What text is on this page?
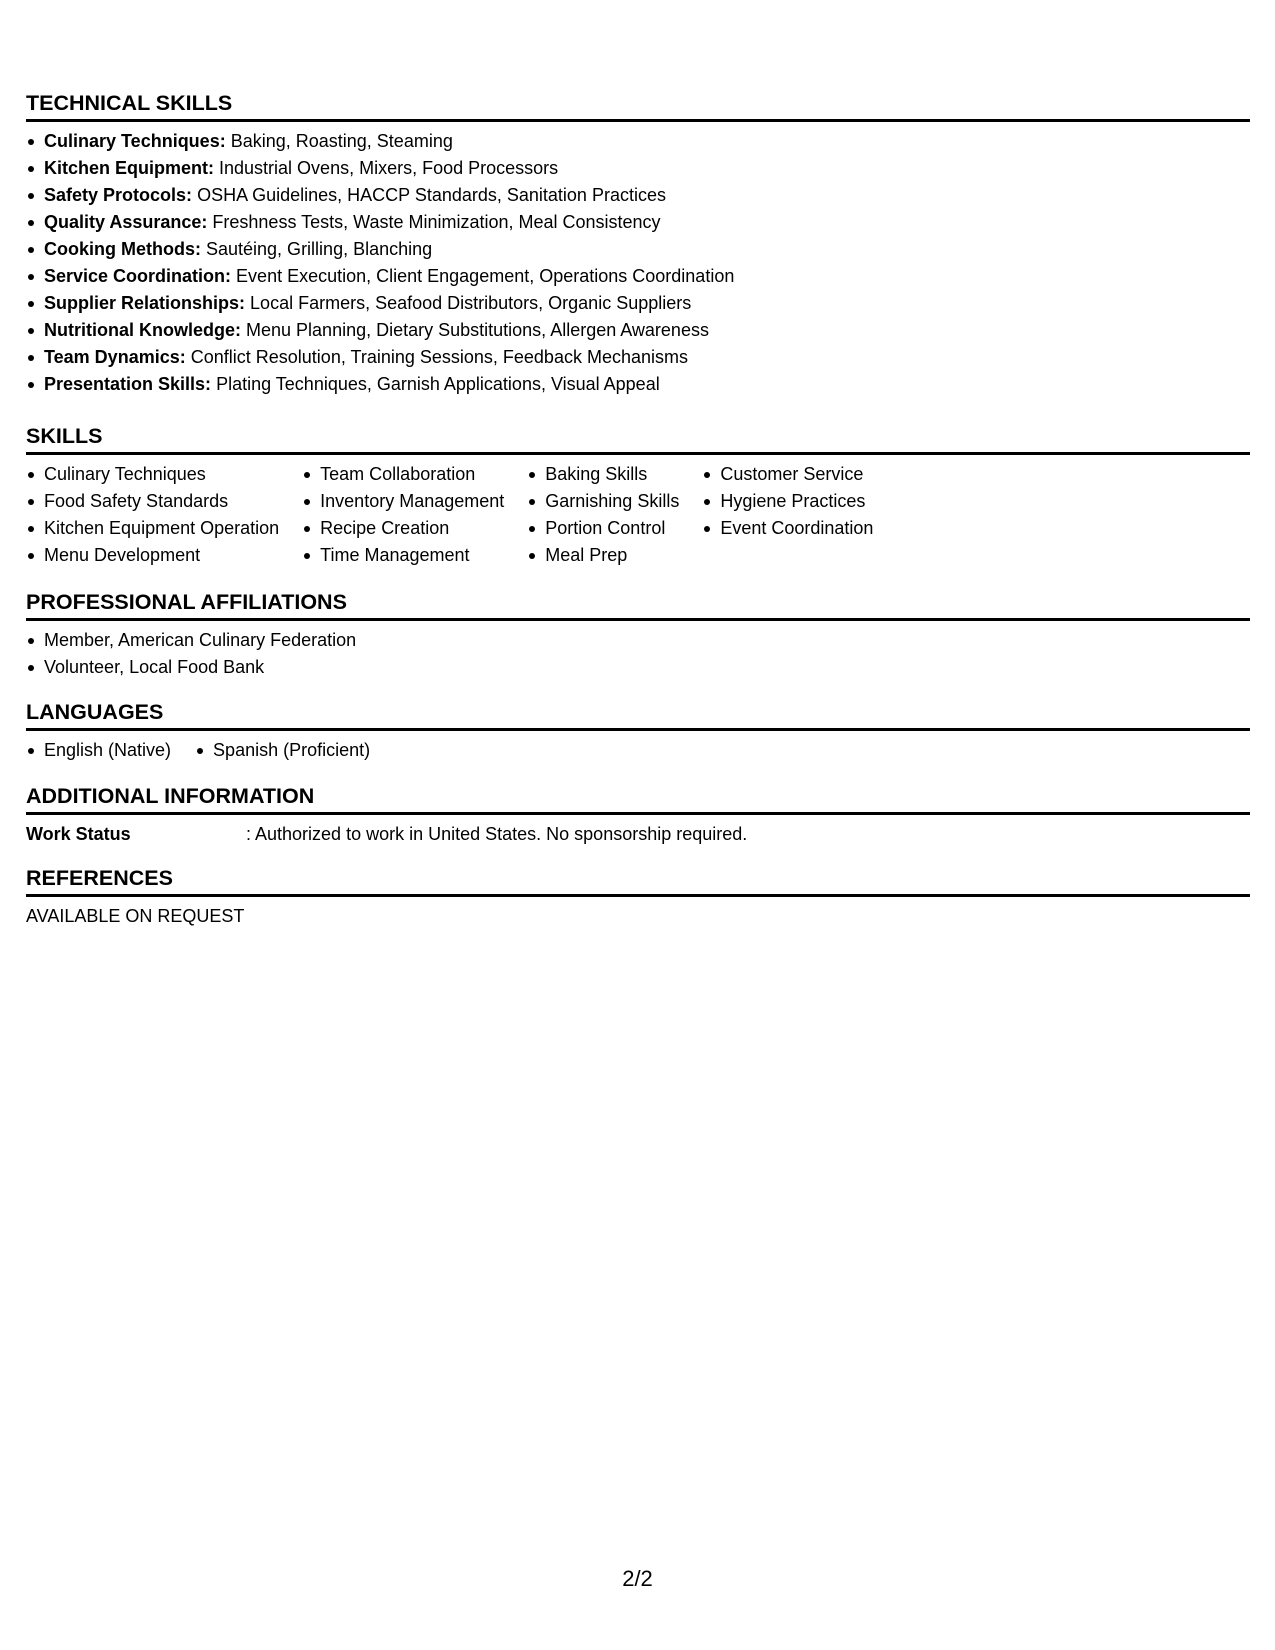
TECHNICAL SKILLS
Culinary Techniques: Baking, Roasting, Steaming
Kitchen Equipment: Industrial Ovens, Mixers, Food Processors
Safety Protocols: OSHA Guidelines, HACCP Standards, Sanitation Practices
Quality Assurance: Freshness Tests, Waste Minimization, Meal Consistency
Cooking Methods: Sautéing, Grilling, Blanching
Service Coordination: Event Execution, Client Engagement, Operations Coordination
Supplier Relationships: Local Farmers, Seafood Distributors, Organic Suppliers
Nutritional Knowledge: Menu Planning, Dietary Substitutions, Allergen Awareness
Team Dynamics: Conflict Resolution, Training Sessions, Feedback Mechanisms
Presentation Skills: Plating Techniques, Garnish Applications, Visual Appeal
SKILLS
Culinary Techniques
Food Safety Standards
Kitchen Equipment Operation
Menu Development
Team Collaboration
Inventory Management
Recipe Creation
Time Management
Baking Skills
Garnishing Skills
Portion Control
Meal Prep
Customer Service
Hygiene Practices
Event Coordination
PROFESSIONAL AFFILIATIONS
Member, American Culinary Federation
Volunteer, Local Food Bank
LANGUAGES
English (Native)	Spanish (Proficient)
ADDITIONAL INFORMATION
Work Status	: Authorized to work in United States. No sponsorship required.
REFERENCES
AVAILABLE ON REQUEST
2/2
